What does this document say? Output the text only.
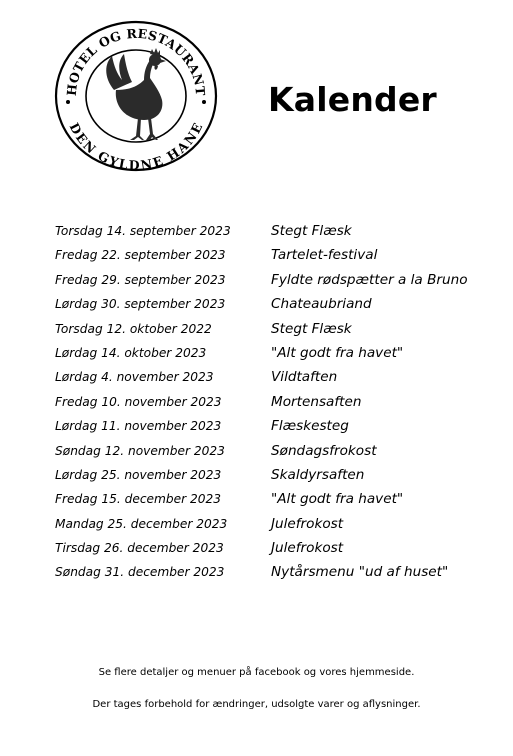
HOTEL OG RESTAURANT
DEN GYLDNE HANE
Kalender
Torsdag 14. september 2023	Stegt Flæsk
Fredag 22. september 2023	Tartelet-festival
Fredag 29. september 2023	Fyldte rødspætter a la Bruno
Lørdag 30. september 2023	Chateaubriand
Torsdag 12. oktober 2022	Stegt Flæsk
Lørdag 14. oktober 2023	"Alt godt fra havet"
Lørdag 4. november 2023	Vildtaften
Fredag 10. november 2023	Mortensaften
Lørdag 11. november 2023	Flæskesteg
Søndag 12. november 2023	Søndagsfrokost
Lørdag 25. november 2023	Skaldyrsaften
Fredag 15. december 2023	"Alt godt fra havet"
Mandag 25. december 2023	Julefrokost
Tirsdag 26. december 2023	Julefrokost
Søndag 31. december 2023	Nytårsmenu "ud af huset"
Se flere detaljer og menuer på facebook og vores hjemmeside.
Der tages forbehold for ændringer, udsolgte varer og aflysninger.
